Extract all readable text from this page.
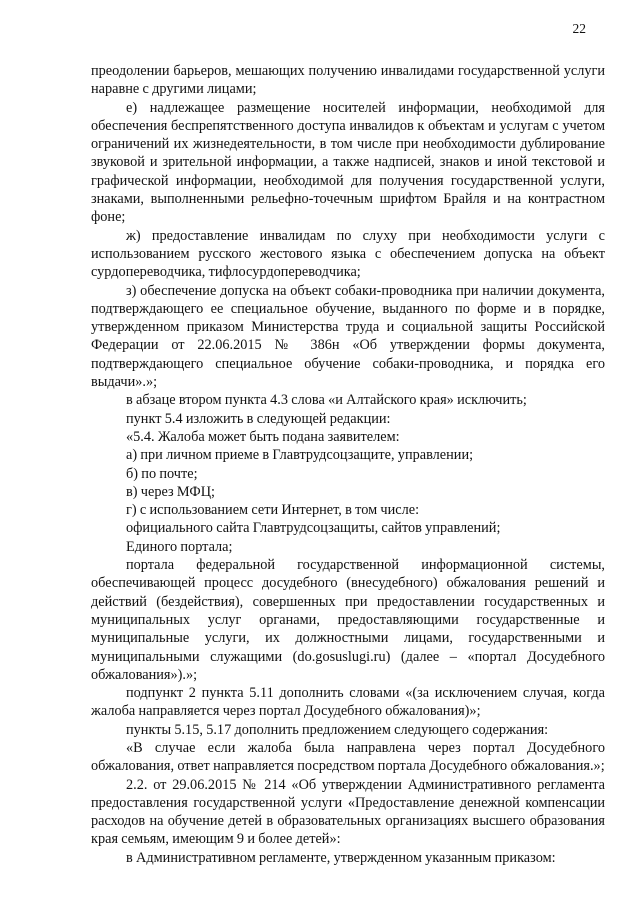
22

преодолении барьеров, мешающих получению инвалидами государственной услуги наравне с другими лицами;

е) надлежащее размещение носителей информации, необходимой для обеспечения беспрепятственного доступа инвалидов к объектам и услугам с учетом ограничений их жизнедеятельности, в том числе при необходимости дублирование звуковой и зрительной информации, а также надписей, знаков и иной текстовой и графической информации, необходимой для получения государственной услуги, знаками, выполненными рельефно-точечным шрифтом Брайля и на контрастном фоне;

ж) предоставление инвалидам по слуху при необходимости услуги с использованием русского жестового языка с обеспечением допуска на объект сурдопереводчика, тифлосурдопереводчика;

з) обеспечение допуска на объект собаки-проводника при наличии документа, подтверждающего ее специальное обучение, выданного по форме и в порядке, утвержденном приказом Министерства труда и социальной защиты Российской Федерации от 22.06.2015 № 386н «Об утверждении формы документа, подтверждающего специальное обучение собаки-проводника, и порядка его выдачи».»;

в абзаце втором пункта 4.3 слова «и Алтайского края» исключить;

пункт 5.4 изложить в следующей редакции:

«5.4. Жалоба может быть подана заявителем:

а) при личном приеме в Главтрудсоцзащите, управлении;

б) по почте;

в) через МФЦ;

г) с использованием сети Интернет, в том числе:

официального сайта Главтрудсоцзащиты, сайтов управлений;

Единого портала;

портала федеральной государственной информационной системы, обеспечивающей процесс досудебного (внесудебного) обжалования решений и действий (бездействия), совершенных при предоставлении государственных и муниципальных услуг органами, предоставляющими государственные и муниципальные услуги, их должностными лицами, государственными и муниципальными служащими (do.gosuslugi.ru) (далее – «портал Досудебного обжалования»).»;

подпункт 2 пункта 5.11 дополнить словами «(за исключением случая, когда жалоба направляется через портал Досудебного обжалования)»;

пункты 5.15, 5.17 дополнить предложением следующего содержания:

«В случае если жалоба была направлена через портал Досудебного обжалования, ответ направляется посредством портала Досудебного обжалования.»;

2.2. от 29.06.2015 № 214 «Об утверждении Административного регламента предоставления государственной услуги «Предоставление денежной компенсации расходов на обучение детей в образовательных организациях высшего образования края семьям, имеющим 9 и более детей»:

в Административном регламенте, утвержденном указанным приказом:
